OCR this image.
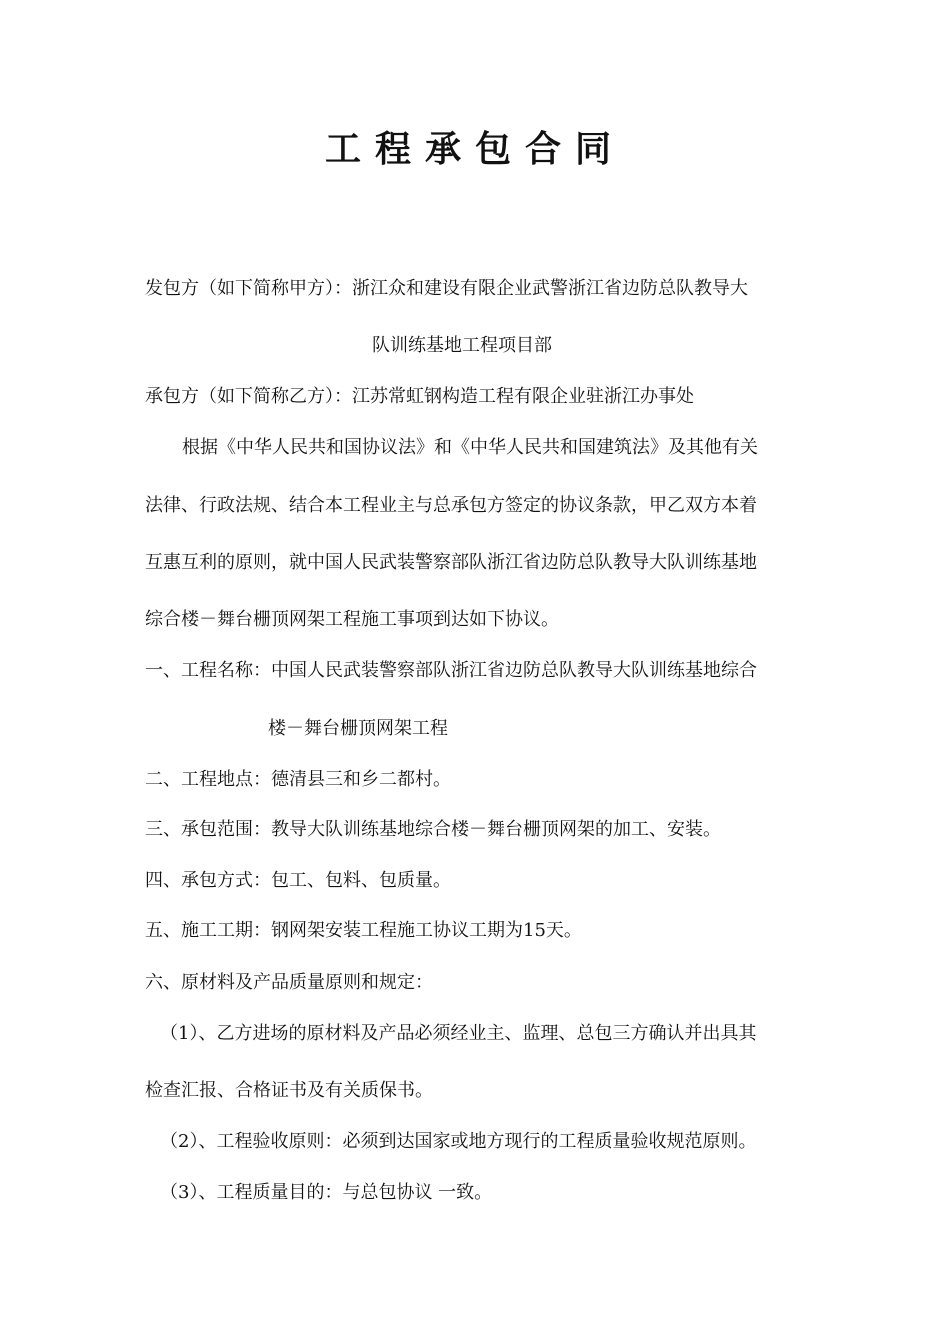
工程承包合同
发包方（如下简称甲方）：浙江众和建设有限企业武警浙江省边防总队教导大
队训练基地工程项目部
承包方（如下简称乙方）：江苏常虹钢构造工程有限企业驻浙江办事处
根据《中华人民共和国协议法》和《中华人民共和国建筑法》及其他有关
法律、行政法规、结合本工程业主与总承包方签定的协议条款，甲乙双方本着
互惠互利的原则，就中国人民武装警察部队浙江省边防总队教导大队训练基地
综合楼－舞台栅顶网架工程施工事项到达如下协议。
一、工程名称：中国人民武装警察部队浙江省边防总队教导大队训练基地综合
楼－舞台栅顶网架工程
二、工程地点：德清县三和乡二都村。
三、承包范围：教导大队训练基地综合楼－舞台栅顶网架的加工、安装。
四、承包方式：包工、包料、包质量。
五、施工工期：钢网架安装工程施工协议工期为15天。
六、原材料及产品质量原则和规定：
（1）、乙方进场的原材料及产品必须经业主、监理、总包三方确认并出具其
检查汇报、合格证书及有关质保书。
（2）、工程验收原则：必须到达国家或地方现行的工程质量验收规范原则。
（3）、工程质量目的：与总包协议 一致。
